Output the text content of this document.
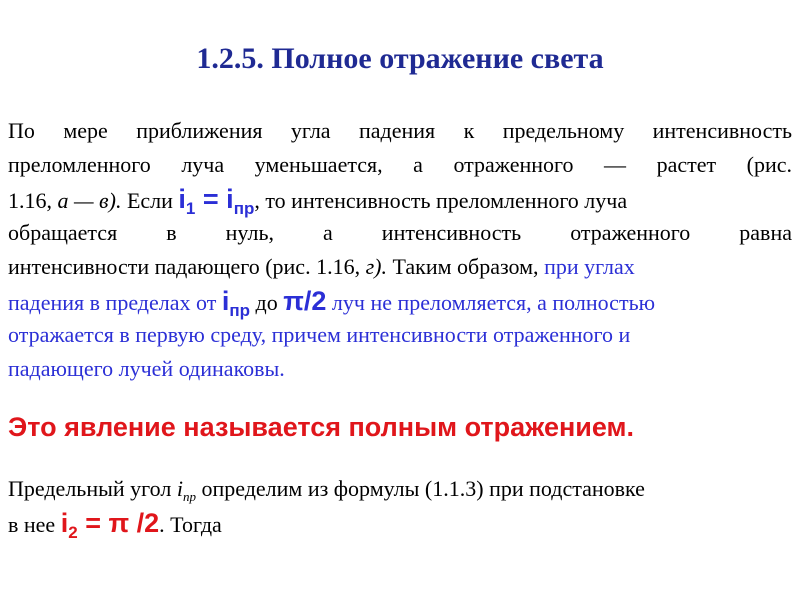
1.2.5. Полное отражение света
По мере приближения угла падения к предельному интенсивность
преломленного луча уменьшается, а отраженного — растет (рис.
1.16, а — в). Если $i_1 = i_{пр}$, то интенсивность преломленного луча
обращается в нуль, а интенсивность отраженного равна
интенсивности падающего (рис. 1.16, г). Таким образом, при углах
падения в пределах от $i_{пр}$ до π/2 луч не преломляется, а полностью
отражается в первую среду, причем интенсивности отраженного и
падающего лучей одинаковы.
Это явление называется полным отражением.
Предельный угол $i_{пр}$ определим из формулы (1.1.3) при подстановке
в нее $i_2 = \pi$ /2. Тогда
